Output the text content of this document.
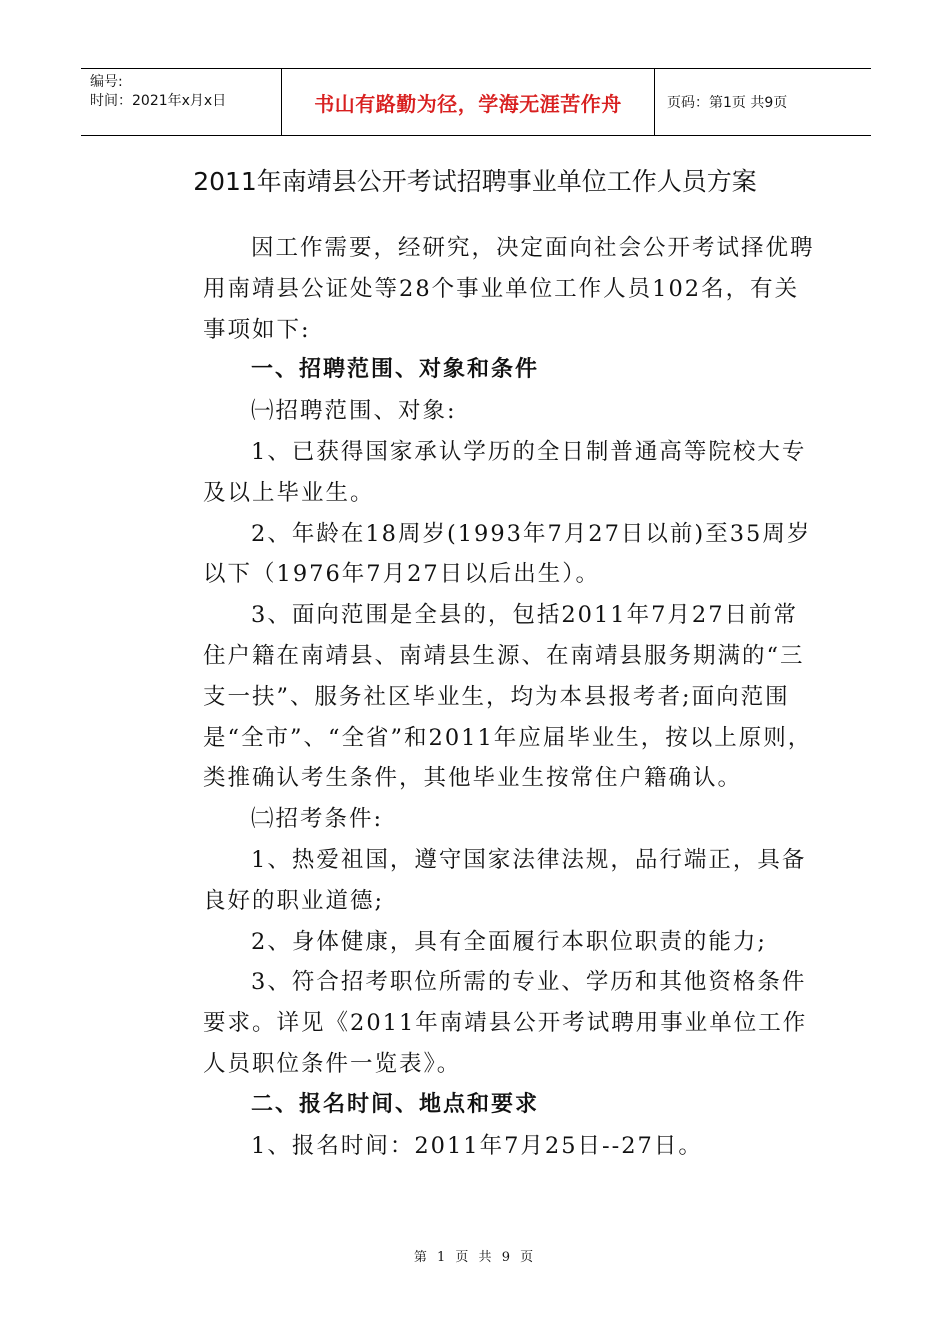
编号:
时间：2021年x月x日	书山有路勤为径，学海无涯苦作舟	页码：第1页 共9页
2011年南靖县公开考试招聘事业单位工作人员方案

因工作需要，经研究，决定面向社会公开考试择优聘用南靖县公证处等28个事业单位工作人员102名，有关事项如下:

一、招聘范围、对象和条件

㈠招聘范围、对象:

1、已获得国家承认学历的全日制普通高等院校大专及以上毕业生。

2、年龄在18周岁(1993年7月27日以前)至35周岁以下（1976年7月27日以后出生）。

3、面向范围是全县的，包括2011年7月27日前常住户籍在南靖县、南靖县生源、在南靖县服务期满的“三支一扶”、服务社区毕业生，均为本县报考者;面向范围是“全市”、“全省”和2011年应届毕业生，按以上原则，类推确认考生条件，其他毕业生按常住户籍确认。

㈡招考条件:

1、热爱祖国，遵守国家法律法规，品行端正，具备良好的职业道德;

2、身体健康，具有全面履行本职位职责的能力;

3、符合招考职位所需的专业、学历和其他资格条件要求。详见《2011年南靖县公开考试聘用事业单位工作人员职位条件一览表》。

二、报名时间、地点和要求

1、报名时间：2011年7月25日--27日。

第 1 页 共 9 页
